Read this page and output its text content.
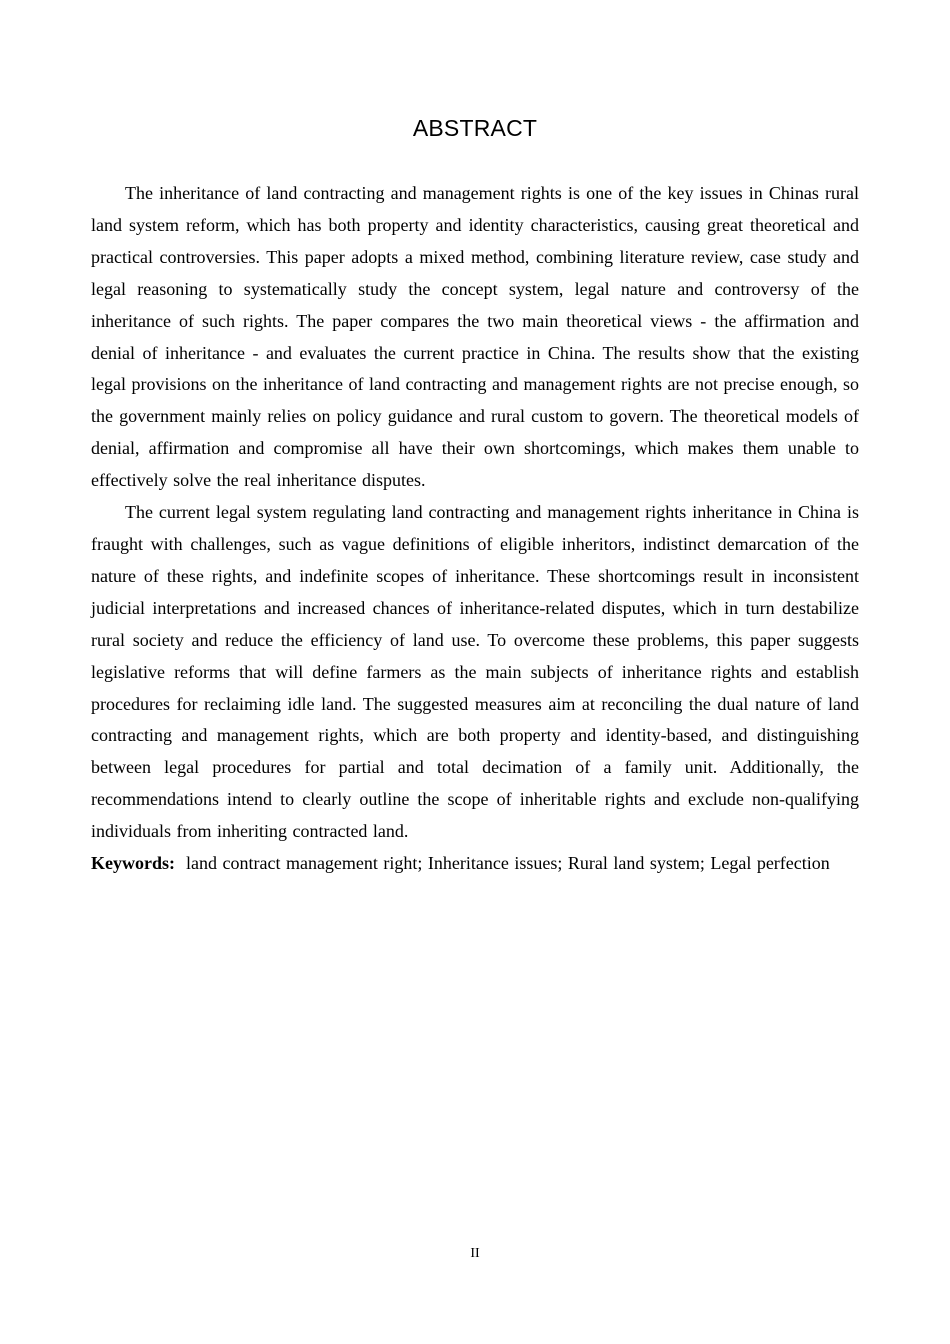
ABSTRACT

The inheritance of land contracting and management rights is one of the key issues in Chinas rural land system reform, which has both property and identity characteristics, causing great theoretical and practical controversies. This paper adopts a mixed method, combining literature review, case study and legal reasoning to systematically study the concept system, legal nature and controversy of the inheritance of such rights. The paper compares the two main theoretical views - the affirmation and denial of inheritance - and evaluates the current practice in China. The results show that the existing legal provisions on the inheritance of land contracting and management rights are not precise enough, so the government mainly relies on policy guidance and rural custom to govern. The theoretical models of denial, affirmation and compromise all have their own shortcomings, which makes them unable to effectively solve the real inheritance disputes.

The current legal system regulating land contracting and management rights inheritance in China is fraught with challenges, such as vague definitions of eligible inheritors, indistinct demarcation of the nature of these rights, and indefinite scopes of inheritance. These shortcomings result in inconsistent judicial interpretations and increased chances of inheritance-related disputes, which in turn destabilize rural society and reduce the efficiency of land use. To overcome these problems, this paper suggests legislative reforms that will define farmers as the main subjects of inheritance rights and establish procedures for reclaiming idle land. The suggested measures aim at reconciling the dual nature of land contracting and management rights, which are both property and identity-based, and distinguishing between legal procedures for partial and total decimation of a family unit. Additionally, the recommendations intend to clearly outline the scope of inheritable rights and exclude non-qualifying individuals from inheriting contracted land.

Keywords: land contract management right; Inheritance issues; Rural land system; Legal perfection

II
